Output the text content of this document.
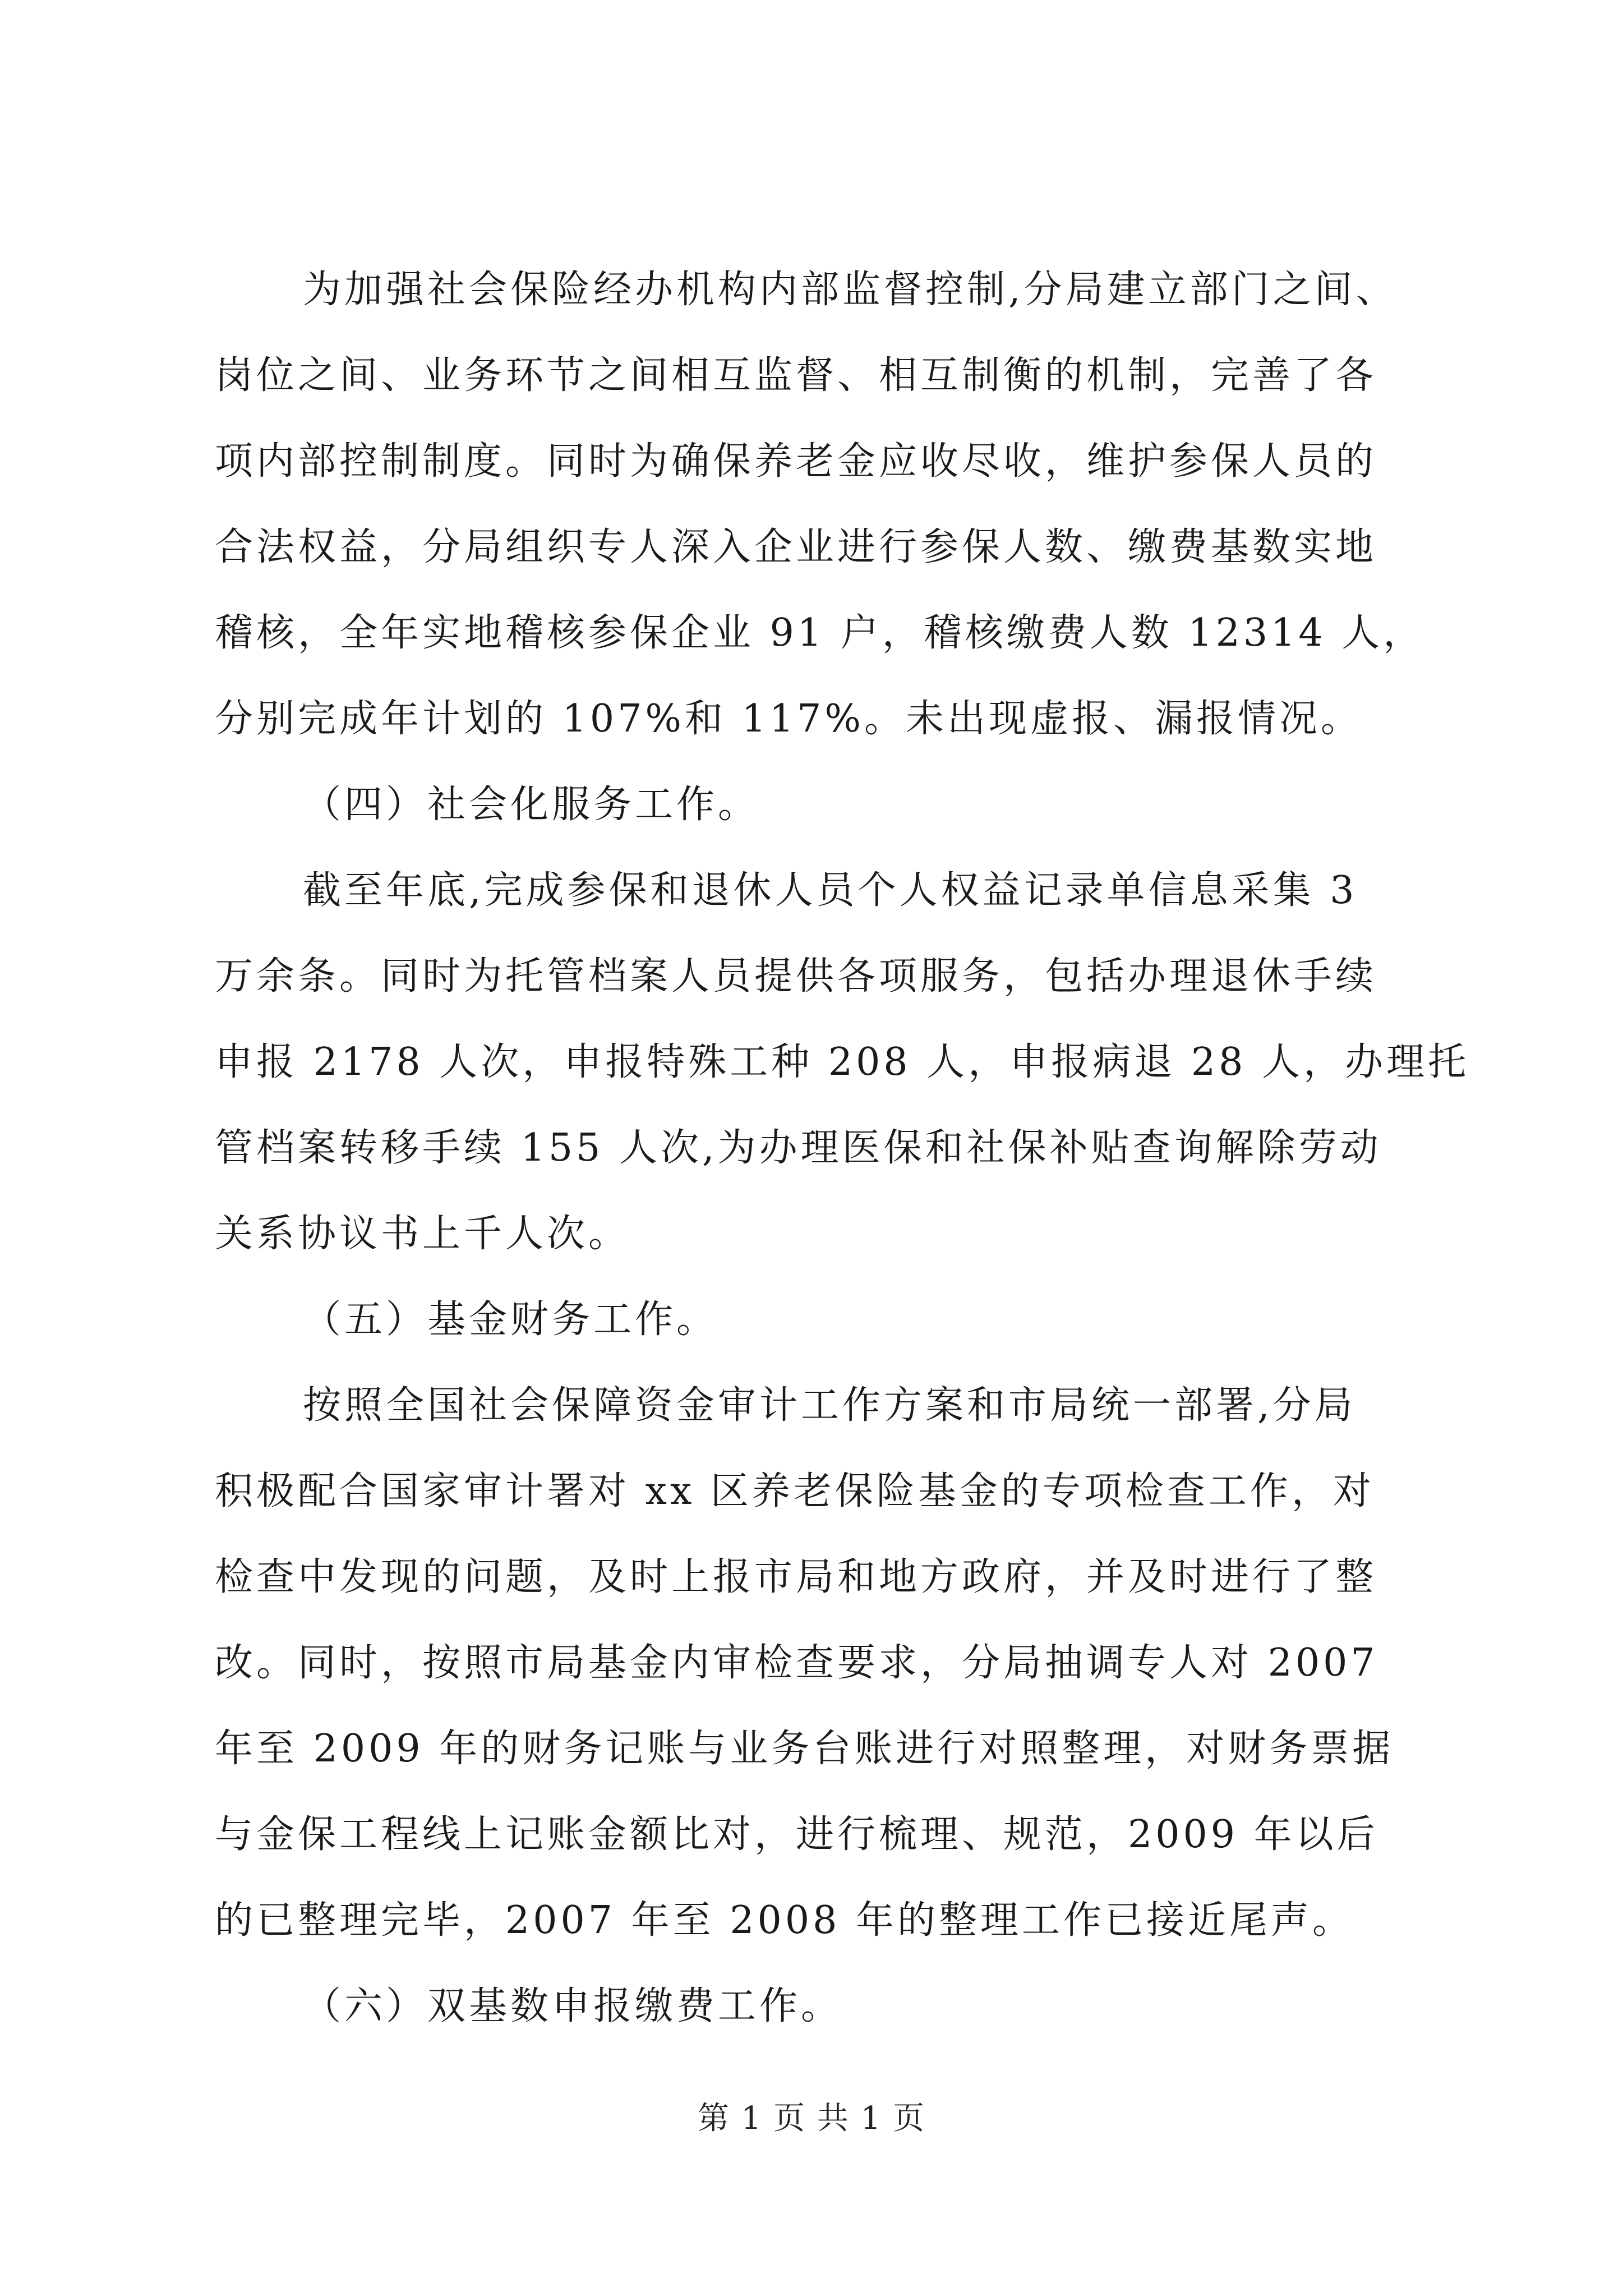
为加强社会保险经办机构内部监督控制,分局建立部门之间、
岗位之间、业务环节之间相互监督、相互制衡的机制，完善了各
项内部控制制度。同时为确保养老金应收尽收，维护参保人员的
合法权益，分局组织专人深入企业进行参保人数、缴费基数实地
稽核，全年实地稽核参保企业 91 户，稽核缴费人数 12314 人，
分别完成年计划的 107%和 117%。未出现虚报、漏报情况。
（四）社会化服务工作。
截至年底,完成参保和退休人员个人权益记录单信息采集 3
万余条。同时为托管档案人员提供各项服务，包括办理退休手续
申报 2178 人次，申报特殊工种 208 人，申报病退 28 人，办理托
管档案转移手续 155 人次,为办理医保和社保补贴查询解除劳动
关系协议书上千人次。
（五）基金财务工作。
按照全国社会保障资金审计工作方案和市局统一部署,分局
积极配合国家审计署对 xx 区养老保险基金的专项检查工作，对
检查中发现的问题，及时上报市局和地方政府，并及时进行了整
改。同时，按照市局基金内审检查要求，分局抽调专人对 2007
年至 2009 年的财务记账与业务台账进行对照整理，对财务票据
与金保工程线上记账金额比对，进行梳理、规范，2009 年以后
的已整理完毕，2007 年至 2008 年的整理工作已接近尾声。
（六）双基数申报缴费工作。
第 1 页 共 1 页
